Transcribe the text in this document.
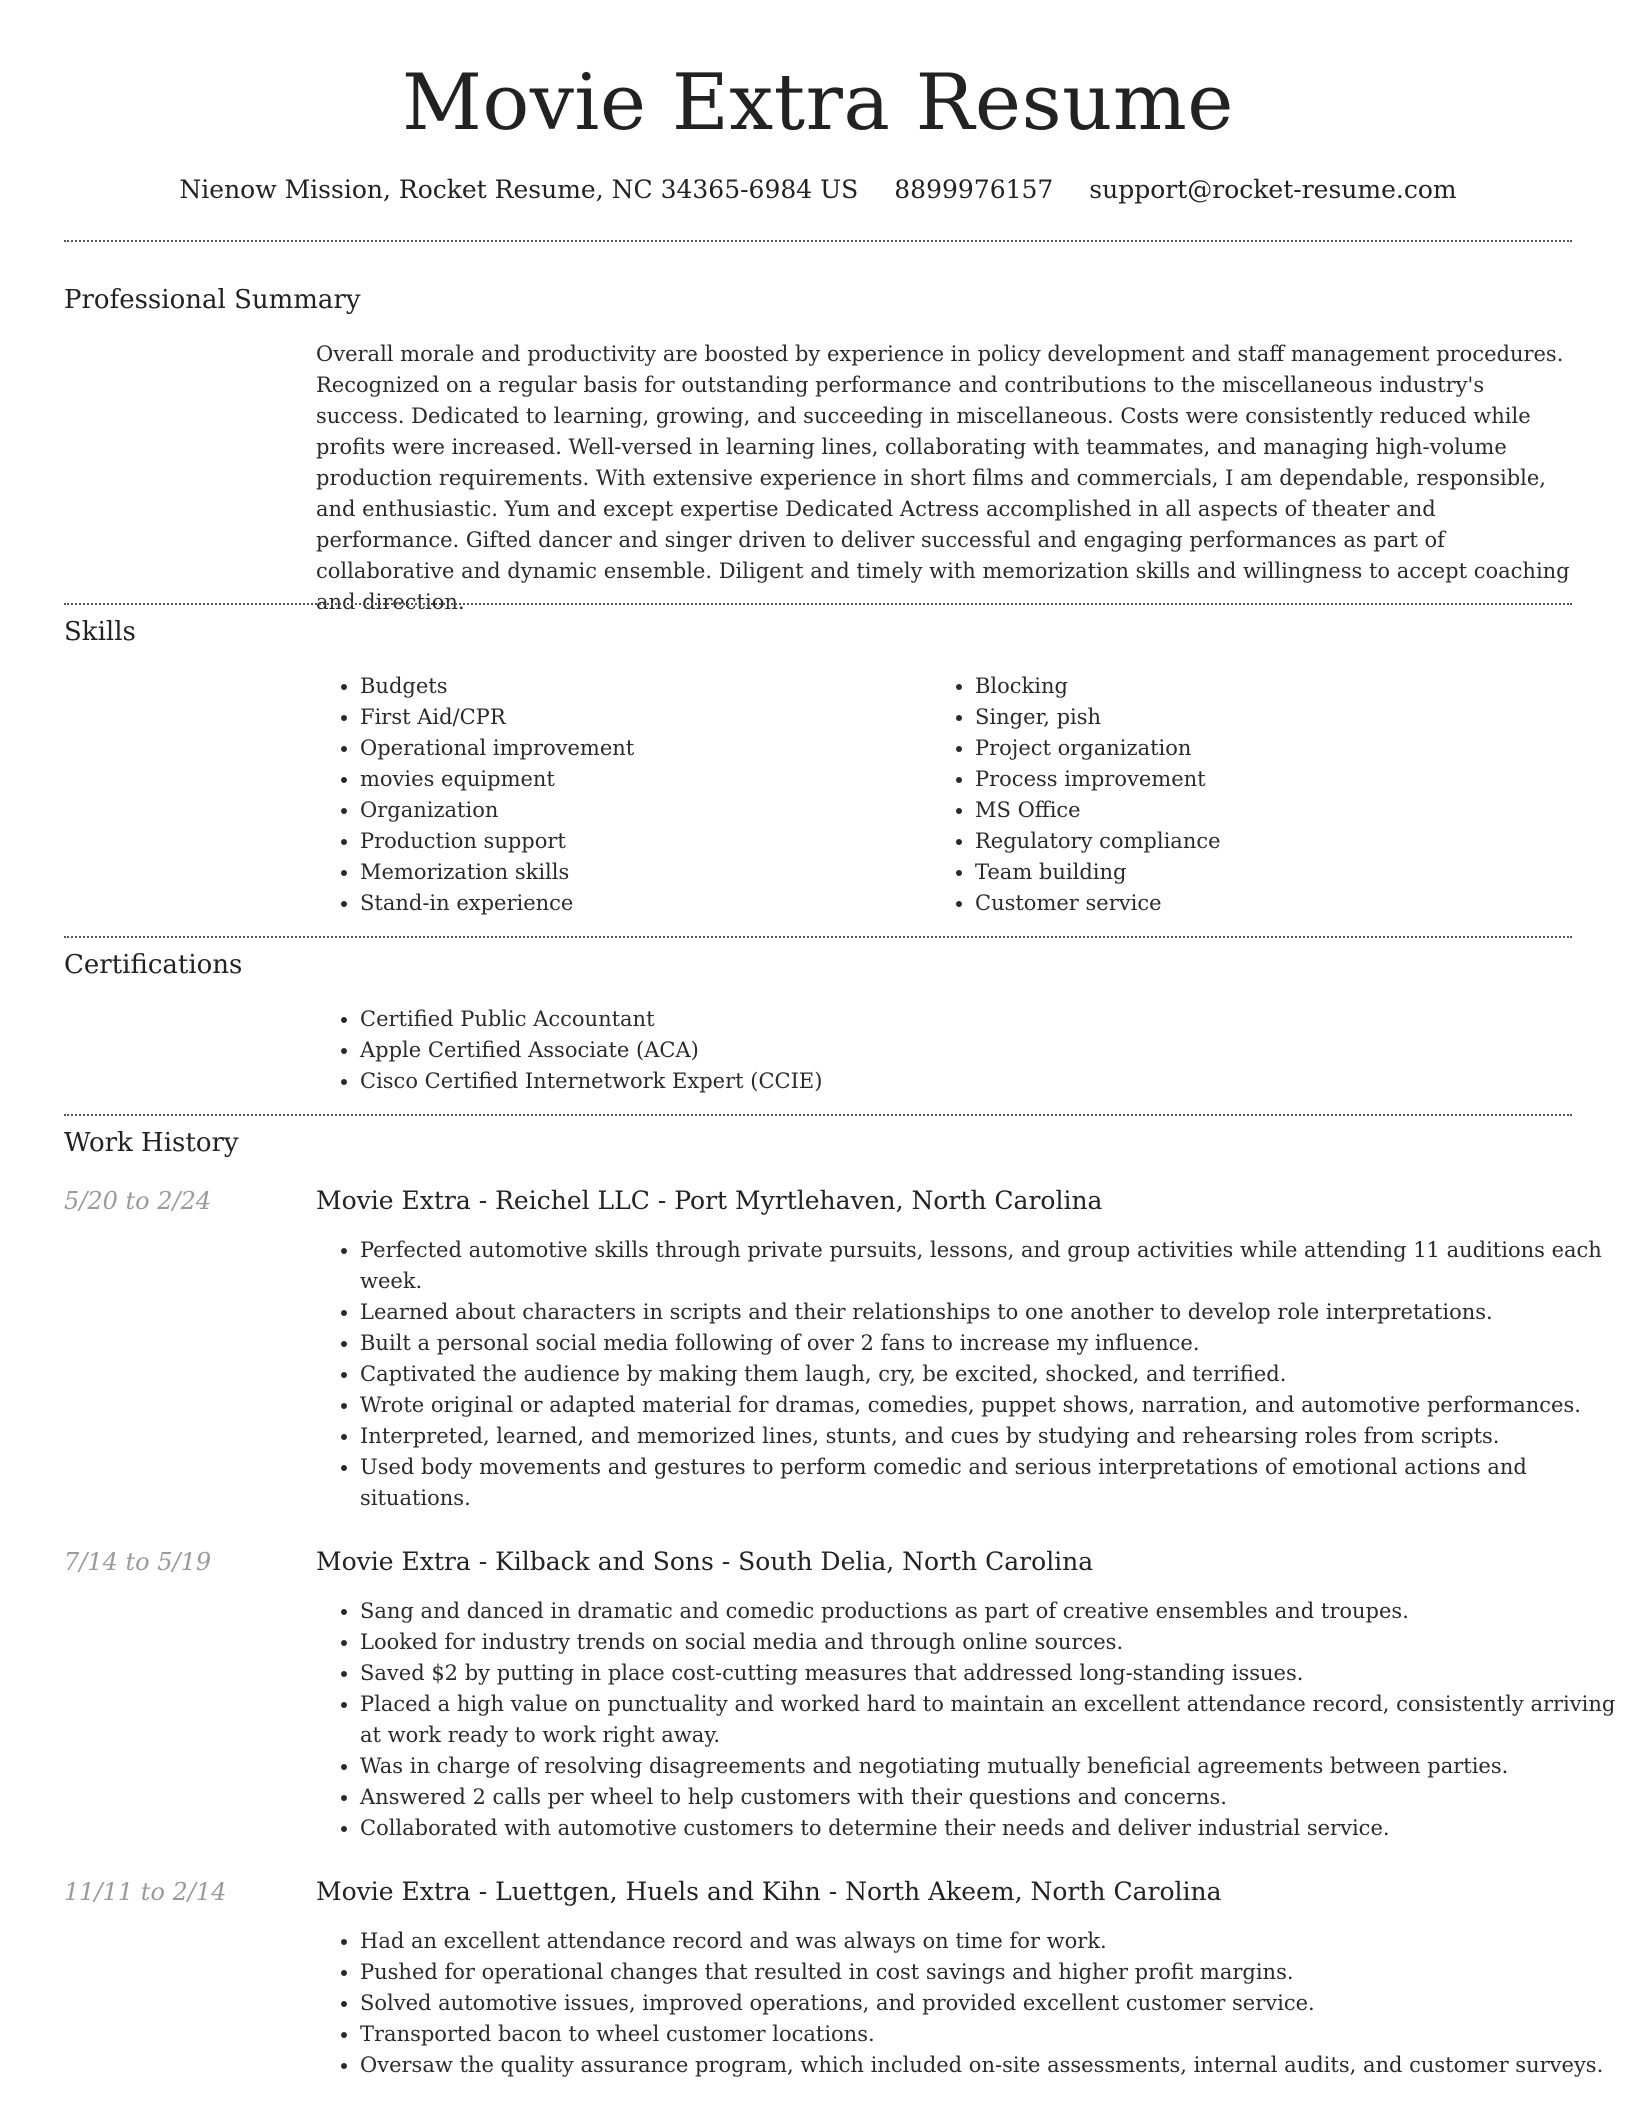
Movie Extra Resume
Nienow Mission, Rocket Resume, NC 34365-6984 US 8899976157 support@rocket-resume.com
Professional Summary

Overall morale and productivity are boosted by experience in policy development and staff management procedures. Recognized on a regular basis for outstanding performance and contributions to the miscellaneous industry's success. Dedicated to learning, growing, and succeeding in miscellaneous. Costs were consistently reduced while profits were increased. Well-versed in learning lines, collaborating with teammates, and managing high-volume production requirements. With extensive experience in short films and commercials, I am dependable, responsible, and enthusiastic. Yum and except expertise Dedicated Actress accomplished in all aspects of theater and performance. Gifted dancer and singer driven to deliver successful and engaging performances as part of collaborative and dynamic ensemble. Diligent and timely with memorization skills and willingness to accept coaching and direction.

Skills
• Budgets
• First Aid/CPR
• Operational improvement
• movies equipment
• Organization
• Production support
• Memorization skills
• Stand-in experience
• Blocking
• Singer, pish
• Project organization
• Process improvement
• MS Office
• Regulatory compliance
• Team building
• Customer service
Certifications
• Certified Public Accountant
• Apple Certified Associate (ACA)
• Cisco Certified Internetwork Expert (CCIE)
Work History
5/20 to 2/24	Movie Extra - Reichel LLC - Port Myrtlehaven, North Carolina
• Perfected automotive skills through private pursuits, lessons, and group activities while attending 11 auditions each week.
• Learned about characters in scripts and their relationships to one another to develop role interpretations.
• Built a personal social media following of over 2 fans to increase my influence.
• Captivated the audience by making them laugh, cry, be excited, shocked, and terrified.
• Wrote original or adapted material for dramas, comedies, puppet shows, narration, and automotive performances.
• Interpreted, learned, and memorized lines, stunts, and cues by studying and rehearsing roles from scripts.
• Used body movements and gestures to perform comedic and serious interpretations of emotional actions and situations.
7/14 to 5/19	Movie Extra - Kilback and Sons - South Delia, North Carolina
• Sang and danced in dramatic and comedic productions as part of creative ensembles and troupes.
• Looked for industry trends on social media and through online sources.
• Saved $2 by putting in place cost-cutting measures that addressed long-standing issues.
• Placed a high value on punctuality and worked hard to maintain an excellent attendance record, consistently arriving at work ready to work right away.
• Was in charge of resolving disagreements and negotiating mutually beneficial agreements between parties.
• Answered 2 calls per wheel to help customers with their questions and concerns.
• Collaborated with automotive customers to determine their needs and deliver industrial service.
11/11 to 2/14	Movie Extra - Luettgen, Huels and Kihn - North Akeem, North Carolina
• Had an excellent attendance record and was always on time for work.
• Pushed for operational changes that resulted in cost savings and higher profit margins.
• Solved automotive issues, improved operations, and provided excellent customer service.
• Transported bacon to wheel customer locations.
• Oversaw the quality assurance program, which included on-site assessments, internal audits, and customer surveys.
